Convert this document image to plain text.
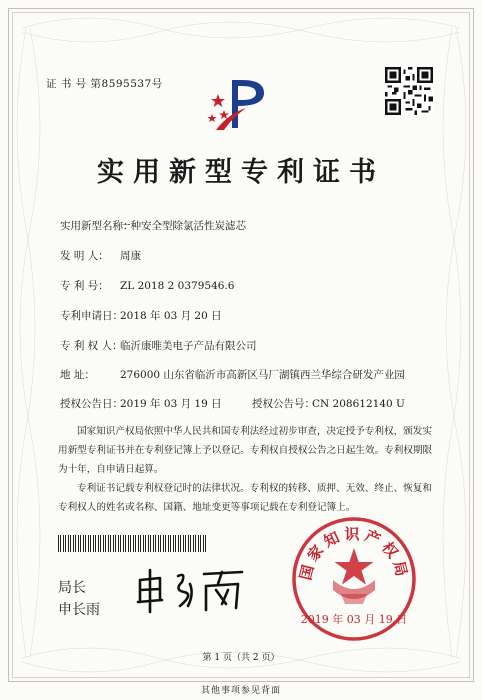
证 书 号 第8595537号
实用新型专利证书
实用新型名称：
一种安全型除氯活性炭滤芯
发 明 人： 周康
专 利 号： ZL 2018 2 0379546.6
专利申请日：
2018 年 03 月 20 日
专 利 权 人：
临沂康唯美电子产品有限公司
地 址： 276000 山东省临沂市高新区马厂湖镇西兰华综合研发产业园
授权公告日：
2019 年 03 月 19 日	授权公告号：
CN 208612140 U
国家知识产权局依照中华人民共和国专利法经过初步审查，决定授予专利权，颁发实用新型专利证书并在专利登记簿上予以登记。专利权自授权公告之日起生效。专利权期限为十年，自申请日起算。
专利证书记载专利权登记时的法律状况。专利权的转移、质押、无效、终止、恢复和专利权人的姓名或名称、国籍、地址变更等事项记载在专利登记簿上。
局长
申长雨
国家知识产权局
2019 年 03 月 19 日
第 1 页（共 2 页）
其他事项参见背面
